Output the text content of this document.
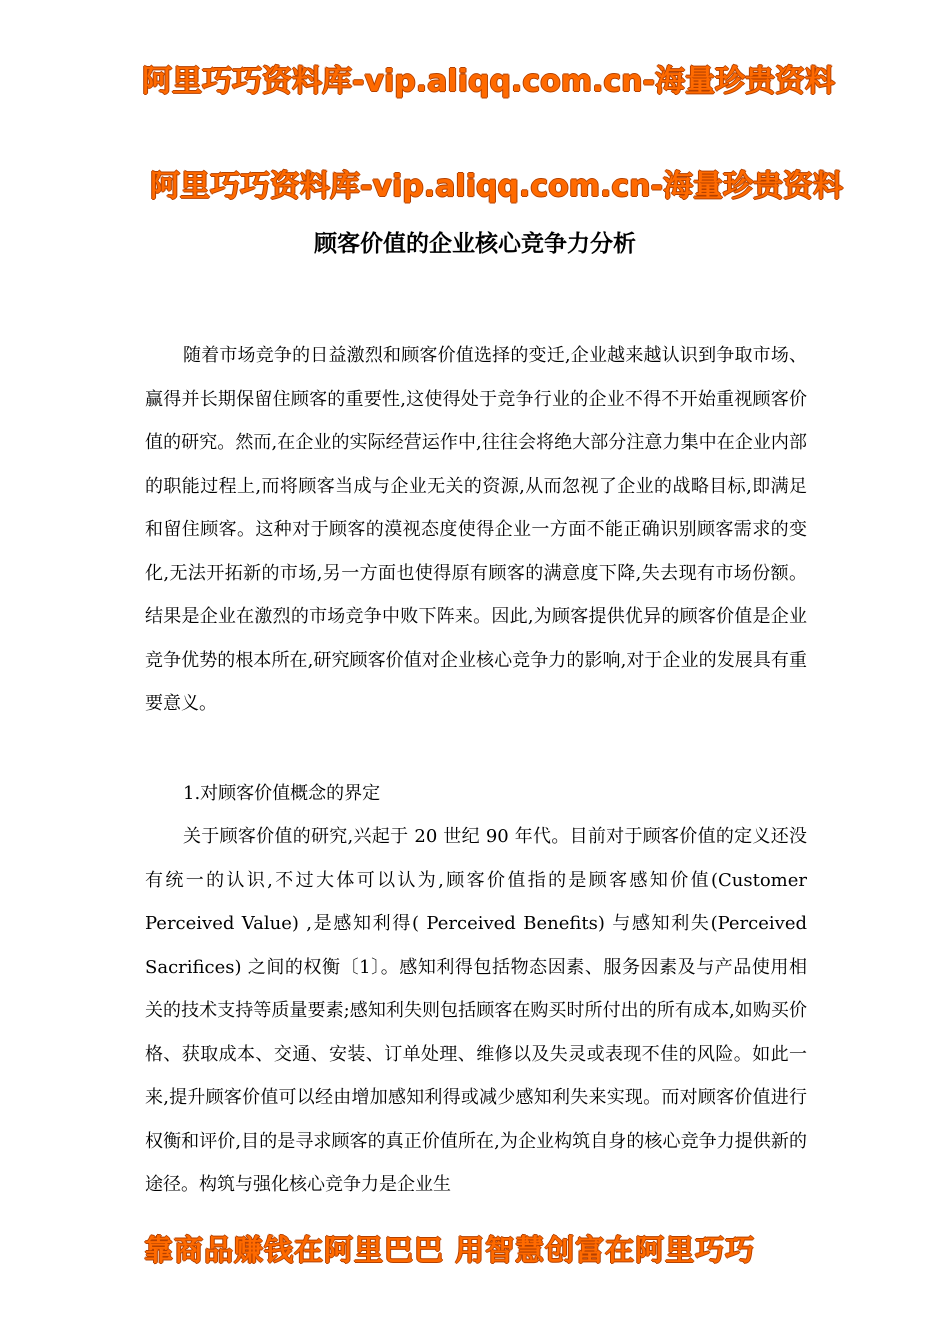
阿里巧巧资料库-vip.aliqq.com.cn-海量珍贵资料
阿里巧巧资料库-vip.aliqq.com.cn-海量珍贵资料
顾客价值的企业核心竞争力分析

随着市场竞争的日益激烈和顾客价值选择的变迁,企业越来越认识到争取市场、赢得并长期保留住顾客的重要性,这使得处于竞争行业的企业不得不开始重视顾客价值的研究。然而,在企业的实际经营运作中,往往会将绝大部分注意力集中在企业内部的职能过程上,而将顾客当成与企业无关的资源,从而忽视了企业的战略目标,即满足和留住顾客。这种对于顾客的漠视态度使得企业一方面不能正确识别顾客需求的变化,无法开拓新的市场,另一方面也使得原有顾客的满意度下降,失去现有市场份额。结果是企业在激烈的市场竞争中败下阵来。因此,为顾客提供优异的顾客价值是企业竞争优势的根本所在,研究顾客价值对企业核心竞争力的影响,对于企业的发展具有重要意义。

1.对顾客价值概念的界定

关于顾客价值的研究,兴起于 20 世纪 90 年代。目前对于顾客价值的定义还没有统一的认识,不过大体可以认为,顾客价值指的是顾客感知价值(Customer Perceived Value) ,是感知利得( Perceived Benefits) 与感知利失(Perceived Sacrifices) 之间的权衡〔1〕。感知利得包括物态因素、服务因素及与产品使用相关的技术支持等质量要素;感知利失则包括顾客在购买时所付出的所有成本,如购买价格、获取成本、交通、安装、订单处理、维修以及失灵或表现不佳的风险。如此一来,提升顾客价值可以经由增加感知利得或减少感知利失来实现。而对顾客价值进行权衡和评价,目的是寻求顾客的真正价值所在,为企业构筑自身的核心竞争力提供新的途径。构筑与强化核心竞争力是企业生

靠商品赚钱在阿里巴巴 用智慧创富在阿里巧巧
